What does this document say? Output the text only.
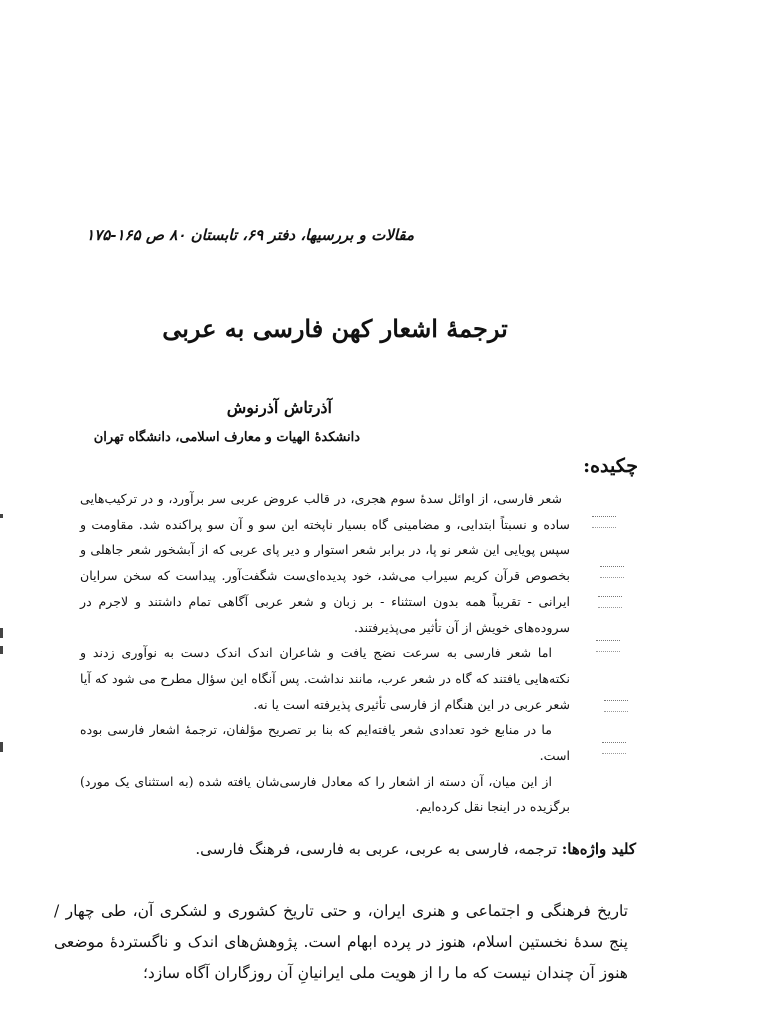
مقالات و بررسیها، دفتر ۶۹، تابستان ۸۰ ص ۱۶۵-۱۷۵
ترجمهٔ اشعار کهن فارسی به عربی
آذرتاش آذرنوش
دانشکدهٔ الهیات و معارف اسلامی، دانشگاه تهران
چکیده:

شعر فارسی، از اوائل سدهٔ سوم هجری، در قالب عروض عربی سر برآورد، و در ترکیب‌هایی ساده و نسبتاً ابتدایی، و مضامینی گاه بسیار ناپخته این سو و آن سو پراکنده شد. مقاومت و سپس پویایی این شعر نو پا، در برابر شعر استوار و دیر پای عربی که از آبشخور شعر جاهلی و بخصوص قرآن کریم سیراب می‌شد، خود پدیده‌ای‌ست شگفت‌آور. پیداست که سخن سرایان ایرانی - تقریباً همه بدون استثناء - بر زبان و شعر عربی آگاهی تمام داشتند و لاجرم در سروده‌های خویش از آن تأثیر می‌پذیرفتند.

اما شعر فارسی به سرعت نضج یافت و شاعران اندک اندک دست به نوآوری زدند و نکته‌هایی یافتند که گاه در شعر عرب، مانند نداشت. پس آنگاه این سؤال مطرح می شود که آیا شعر عربی در این هنگام از فارسی تأثیری پذیرفته است یا نه.

ما در منابع خود تعدادی شعر یافته‌ایم که بنا بر تصریح مؤلفان، ترجمهٔ اشعار فارسی بوده است.

از این میان، آن دسته از اشعار را که معادل فارسی‌شان یافته شده (به استثنای یک مورد) برگزیده در اینجا نقل کرده‌ایم.

کلید واژه‌ها: ترجمه، فارسی به عربی، عربی به فارسی، فرهنگ فارسی.

تاریخ فرهنگی و اجتماعی و هنری ایران، و حتی تاریخ کشوری و لشکری آن، طی چهار / پنج سدهٔ نخستین اسلام، هنوز در پرده ابهام است. پژوهش‌های اندک و ناگستردهٔ موضعی هنوز آن چندان نیست که ما را از هویت ملی ایرانیانِ آن روزگاران آگاه سازد؛
